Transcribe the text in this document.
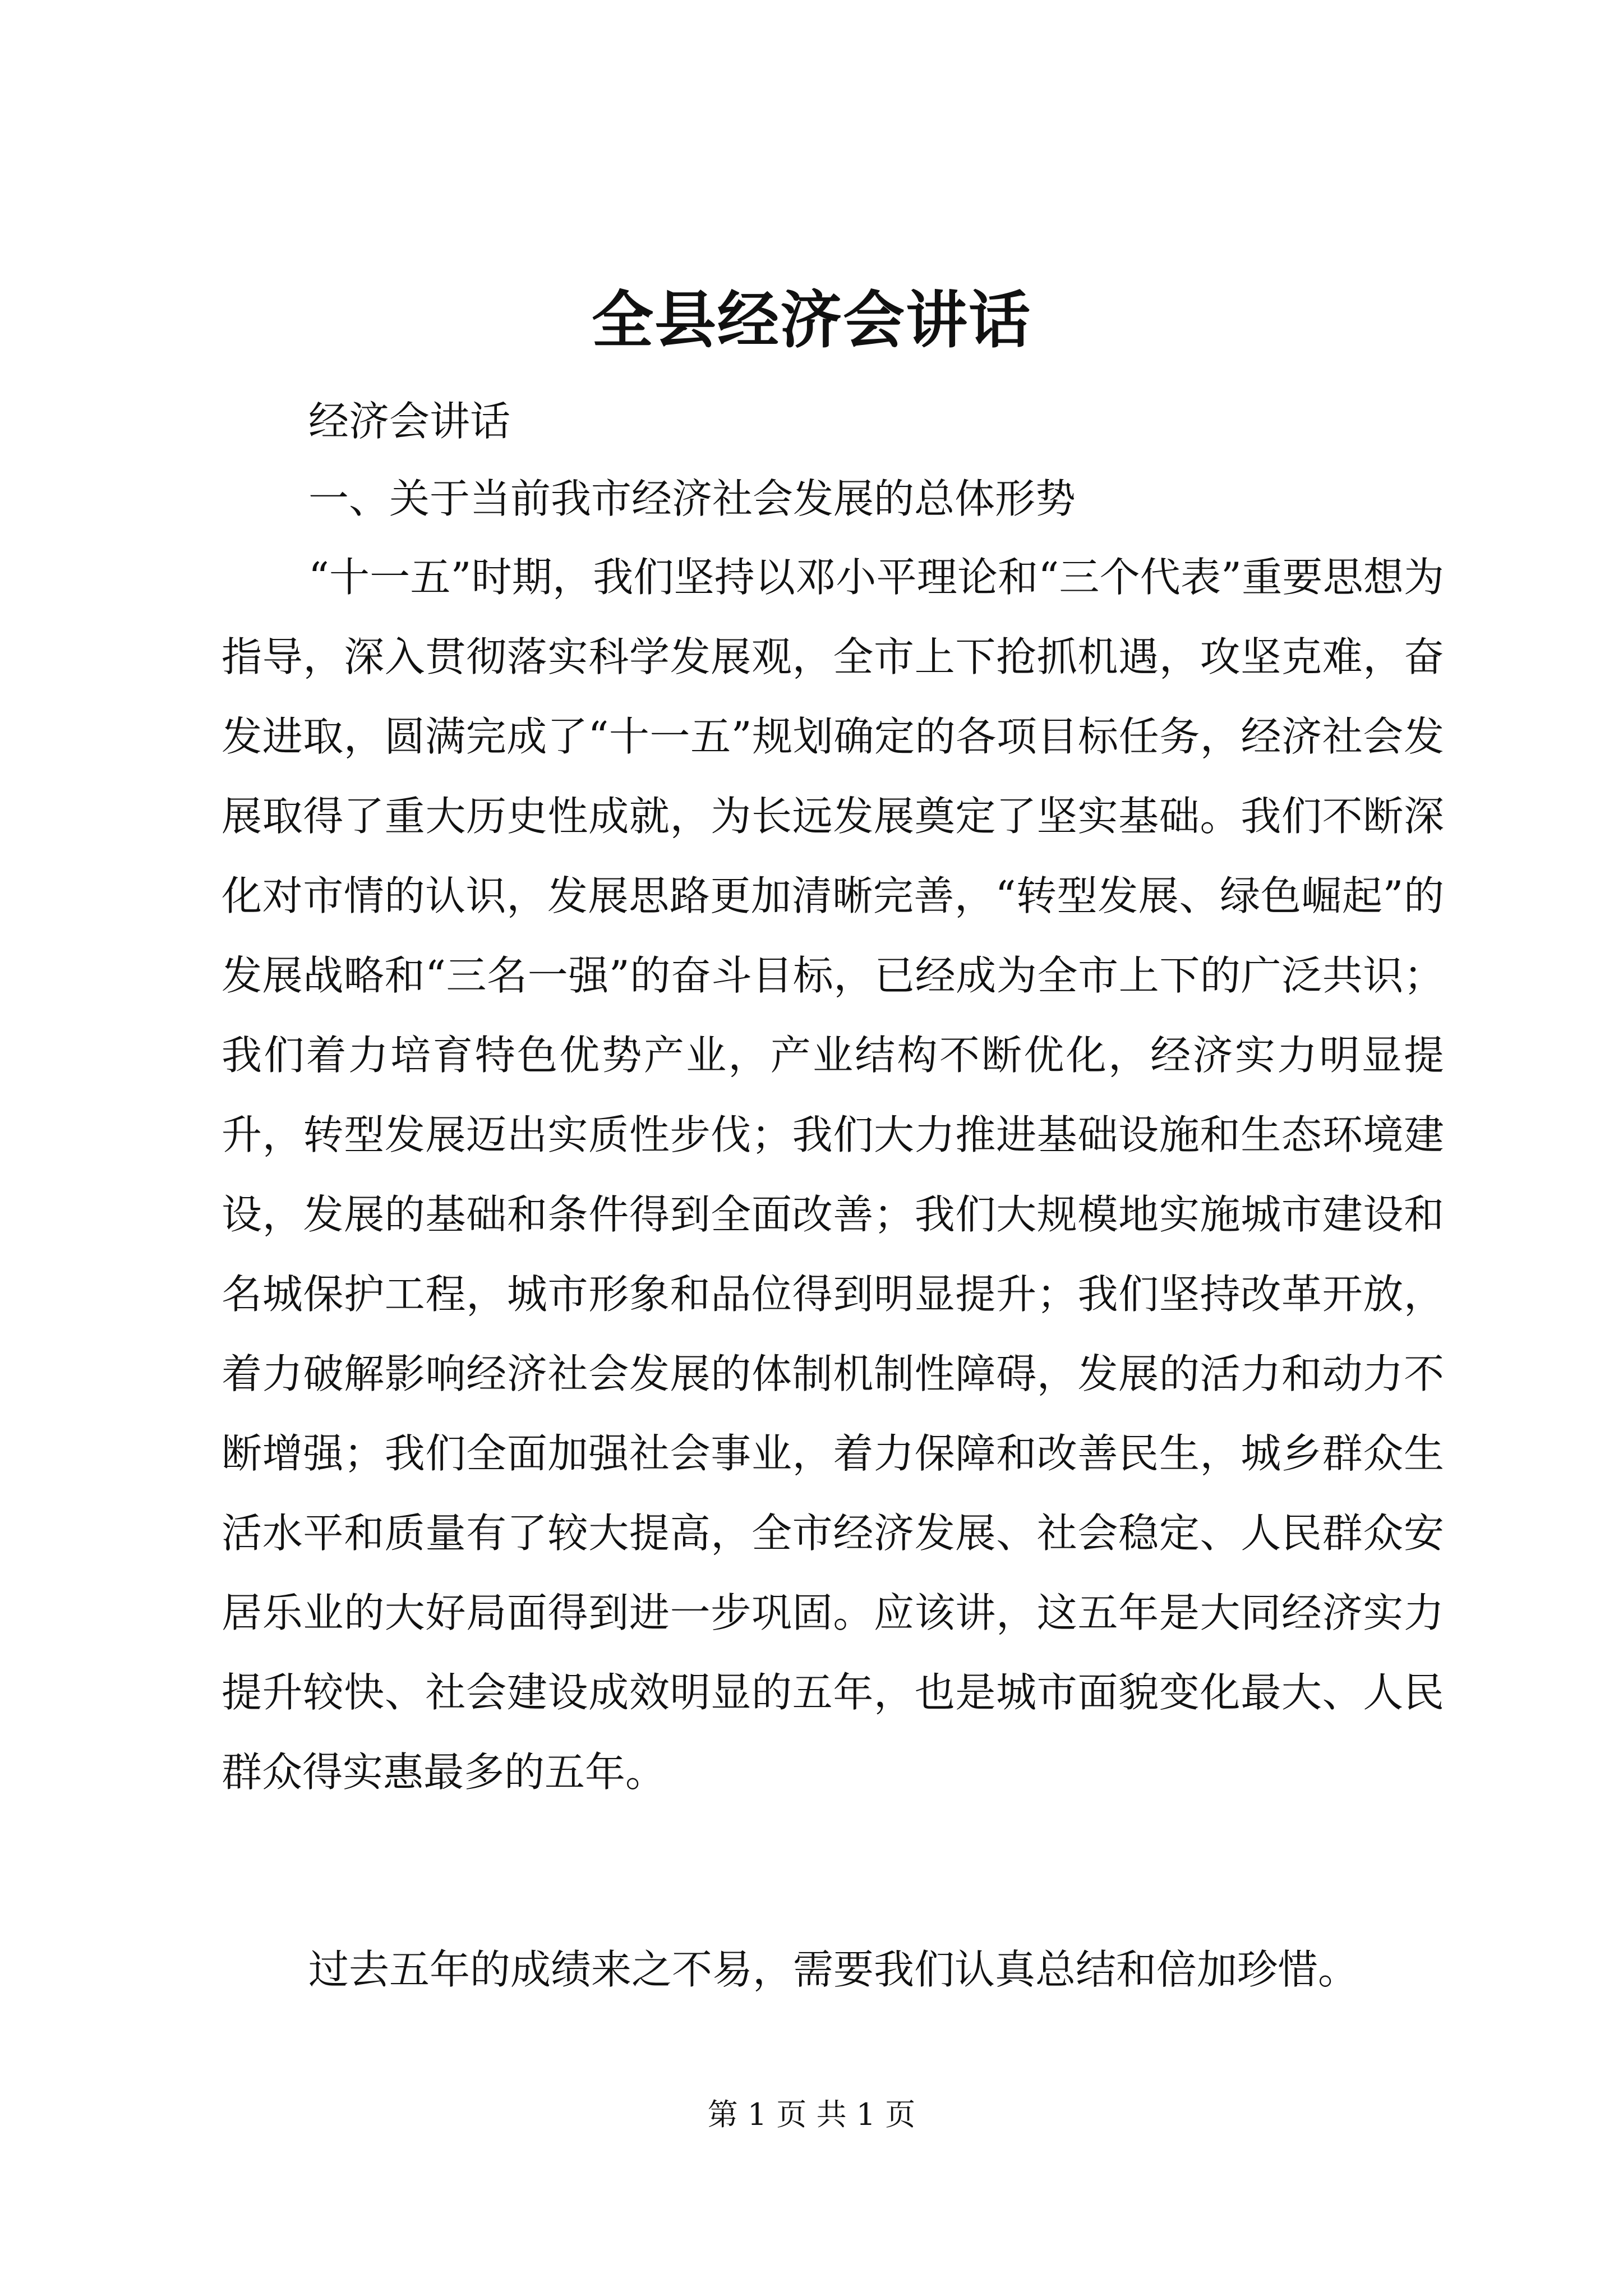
全县经济会讲话

经济会讲话

一、关于当前我市经济社会发展的总体形势

“十一五”时期，我们坚持以邓小平理论和“三个代表”重要思想为指导，深入贯彻落实科学发展观，全市上下抢抓机遇，攻坚克难，奋发进取，圆满完成了“十一五”规划确定的各项目标任务，经济社会发展取得了重大历史性成就，为长远发展奠定了坚实基础。我们不断深化对市情的认识，发展思路更加清晰完善，“转型发展、绿色崛起”的发展战略和“三名一强”的奋斗目标，已经成为全市上下的广泛共识；我们着力培育特色优势产业，产业结构不断优化，经济实力明显提升，转型发展迈出实质性步伐；我们大力推进基础设施和生态环境建设，发展的基础和条件得到全面改善；我们大规模地实施城市建设和名城保护工程，城市形象和品位得到明显提升；我们坚持改革开放，着力破解影响经济社会发展的体制机制性障碍，发展的活力和动力不断增强；我们全面加强社会事业，着力保障和改善民生，城乡群众生活水平和质量有了较大提高，全市经济发展、社会稳定、人民群众安居乐业的大好局面得到进一步巩固。应该讲，这五年是大同经济实力提升较快、社会建设成效明显的五年，也是城市面貌变化最大、人民群众得实惠最多的五年。

过去五年的成绩来之不易，需要我们认真总结和倍加珍惜。

第 1 页 共 1 页
